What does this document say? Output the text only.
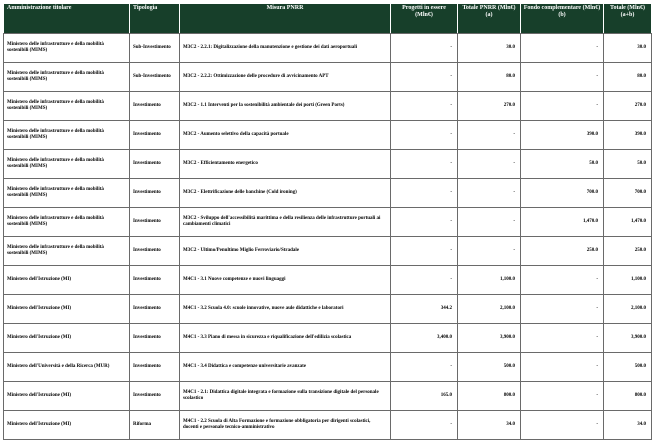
Amministrazione titolare	Tipologia	Misura PNRR	Progetti in essere (Mln€)	Totale PNRR (Mln€) (a)	Fondo complementare (Mln€) (b)	Totale (Mln€) (a+b)
Ministero delle infrastrutture e della mobilità sostenibili (MIMS)	Sub-Investimento	M3C2 - 2.2.1: Digitalizzazione della manutenzione e gestione dei dati aeroportuali	-	30.0	-	30.0
Ministero delle infrastrutture e della mobilità sostenibili (MIMS)	Sub-Investimento	M3C2 - 2.2.2: Ottimizzazione delle procedure di avvicinamento APT	-	80.0	-	80.0
Ministero delle infrastrutture e della mobilità sostenibili (MIMS)	Investimento	M3C2 - 1.1 Interventi per la sostenibilità ambientale dei porti (Green Ports)	-	270.0	-	270.0
Ministero delle infrastrutture e della mobilità sostenibili (MIMS)	Investimento	M3C2 - Aumento selettivo della capacità portuale	-	-	390.0	390.0
Ministero delle infrastrutture e della mobilità sostenibili (MIMS)	Investimento	M3C2 - Efficientamento energetico	-	-	50.0	50.0
Ministero delle infrastrutture e della mobilità sostenibili (MIMS)	Investimento	M3C2 - Elettrificazione delle banchine (Cold ironing)	-	-	700.0	700.0
Ministero delle infrastrutture e della mobilità sostenibili (MIMS)	Investimento	M3C2 - Sviluppo dell'accessibilità marittima e della resilienza delle infrastrutture portuali ai cambiamenti climatici	-	-	1,470.0	1,470.0
Ministero delle infrastrutture e della mobilità sostenibili (MIMS)	Investimento	M3C2 - Ultimo/Penultimo Miglio Ferroviario/Stradale	-	-	250.0	250.0
Ministero dell'Istruzione (MI)	Investimento	M4C1 - 3.1 Nuove competenze e nuovi linguaggi	-	1,100.0	-	1,100.0
Ministero dell'Istruzione (MI)	Investimento	M4C1 - 3.2 Scuola 4.0: scuole innovative, nuove aule didattiche e laboratori	344.2	2,100.0	-	2,100.0
Ministero dell'Istruzione (MI)	Investimento	M4C1 - 3.3 Piano di messa in sicurezza e riqualificazione dell'edilizia scolastica	3,400.0	3,900.0	-	3,900.0
Ministero dell'Università e della Ricerca (MUR)	Investimento	M4C1 - 3.4 Didattica e competenze universitarie avanzate	-	500.0	-	500.0
Ministero dell'Istruzione (MI)	Investimento	M4C1 - 2.1: Didattica digitale integrata e formazione sulla transizione digitale del personale scolastico	165.0	800.0	-	800.0
Ministero dell'Istruzione (MI)	Riforma	M4C1 - 2.2 Scuola di Alta Formazione e formazione obbligatoria per dirigenti scolastici, docenti e personale tecnico-amministrativo	-	34.0	-	34.0
